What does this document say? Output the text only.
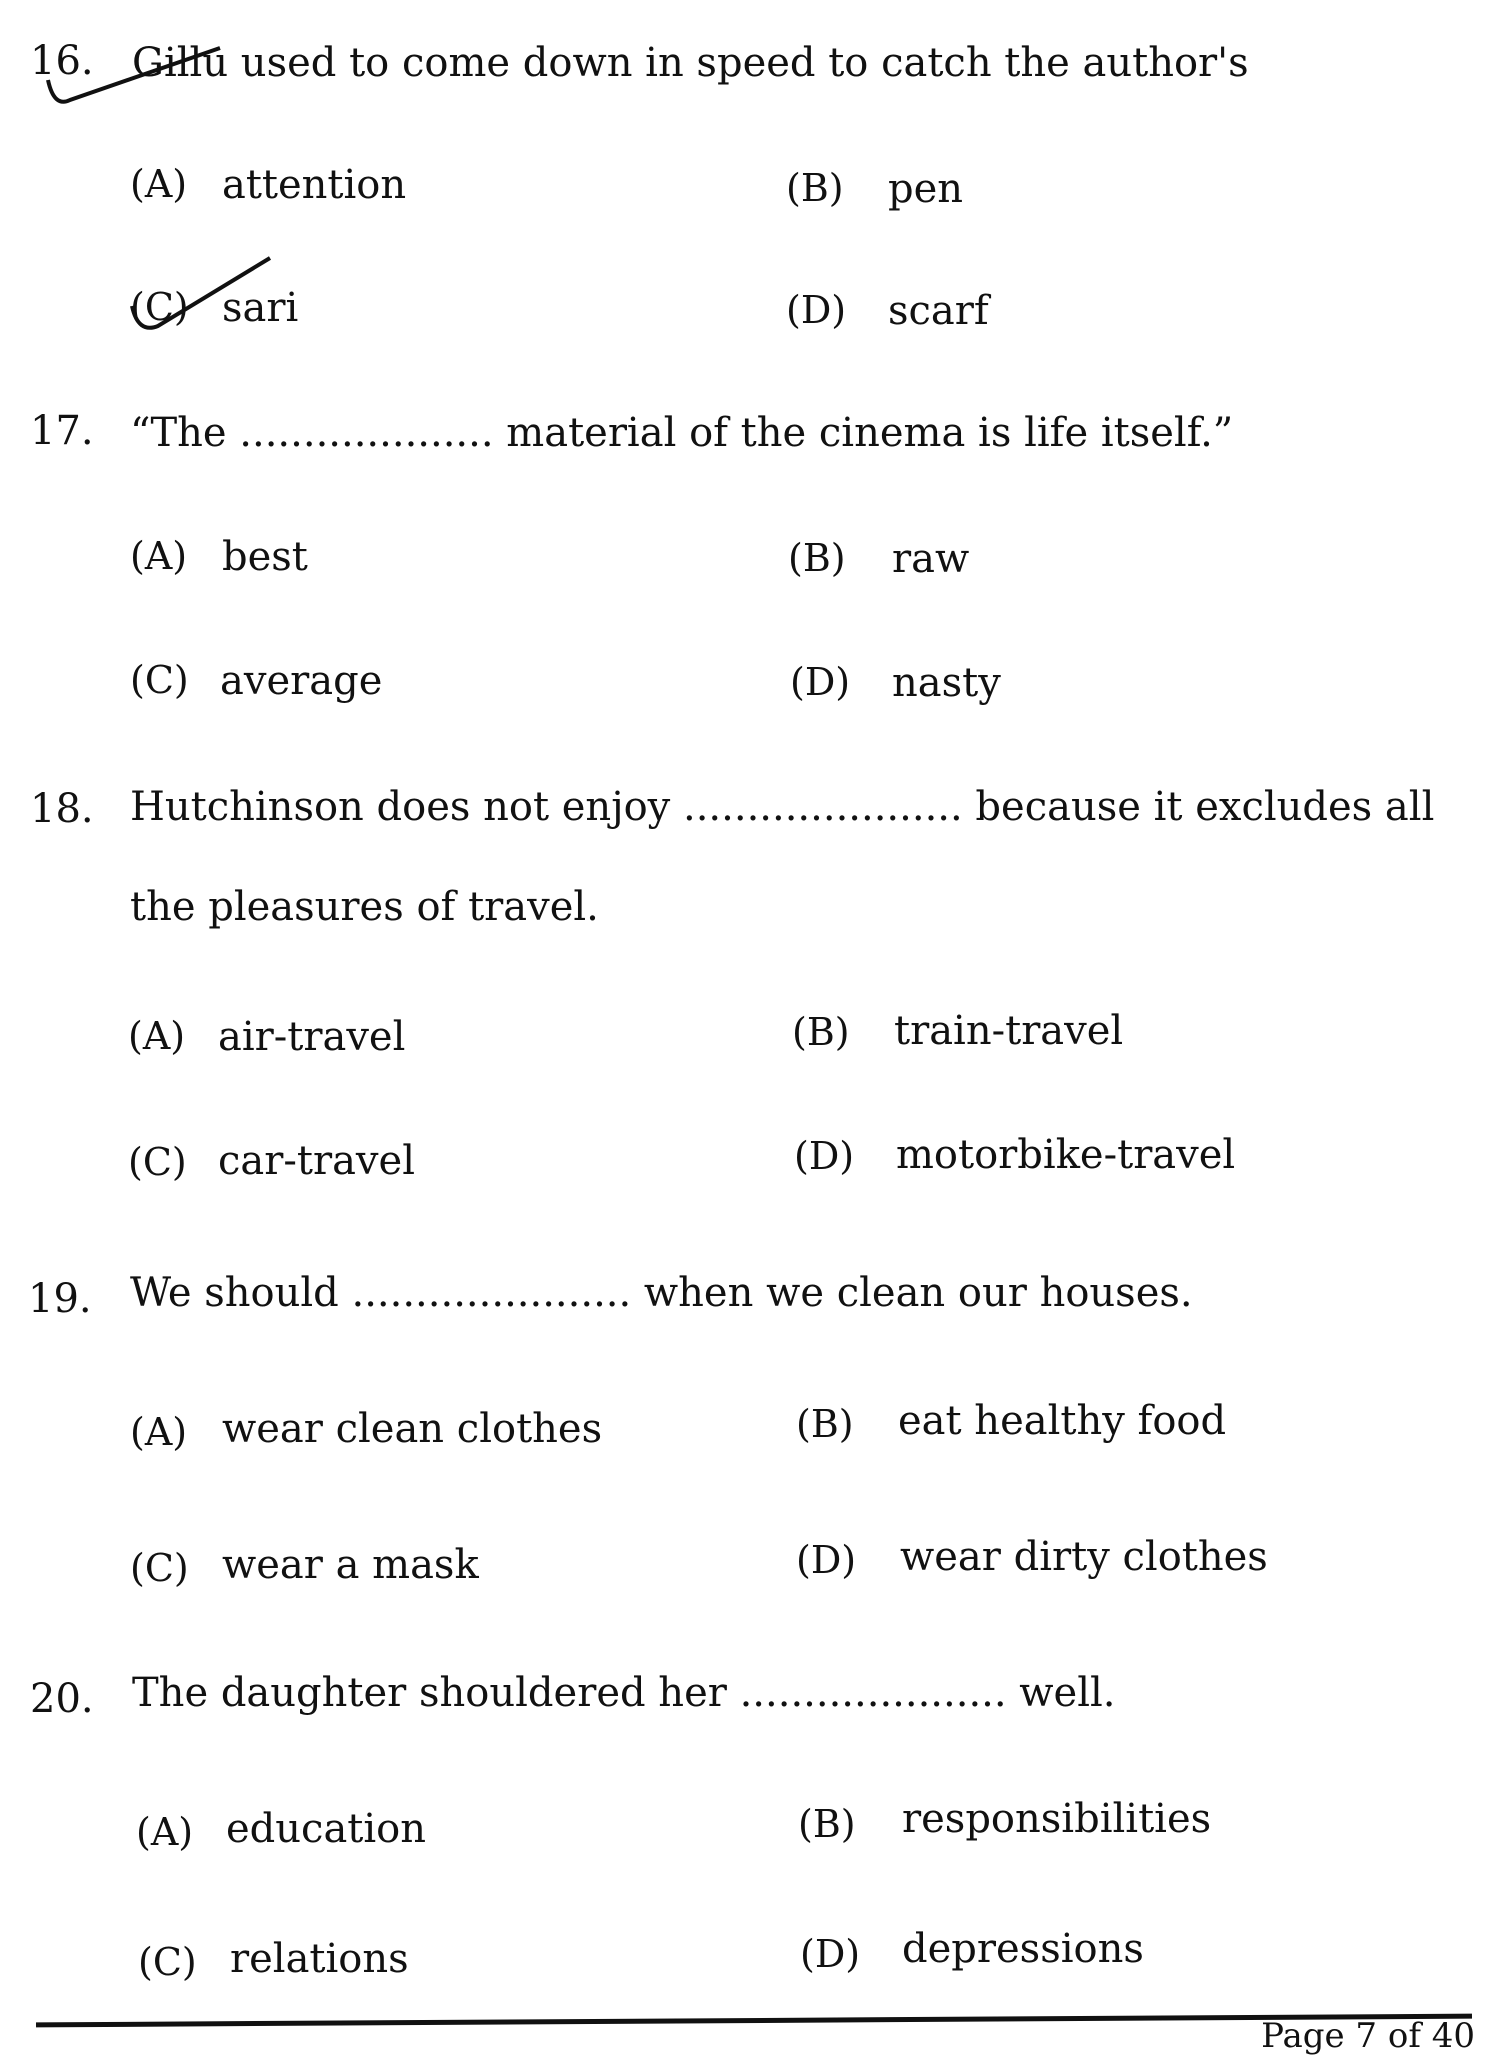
16. Gillu used to come down in speed to catch the author's
(A) attention	(B) pen
(C) sari	(D) scarf
17. “The .................... material of the cinema is life itself.”
(A) best	(B) raw
(C) average	(D) nasty
18. Hutchinson does not enjoy ...................... because it excludes all
the pleasures of travel.
(A) air-travel	(B) train-travel
(C) car-travel	(D) motorbike-travel
19. We should ...................... when we clean our houses.
(A) wear clean clothes	(B) eat healthy food
(C) wear a mask	(D) wear dirty clothes
20. The daughter shouldered her ..................... well.
(A) education	(B) responsibilities
(C) relations	(D) depressions
Page 7 of 40
